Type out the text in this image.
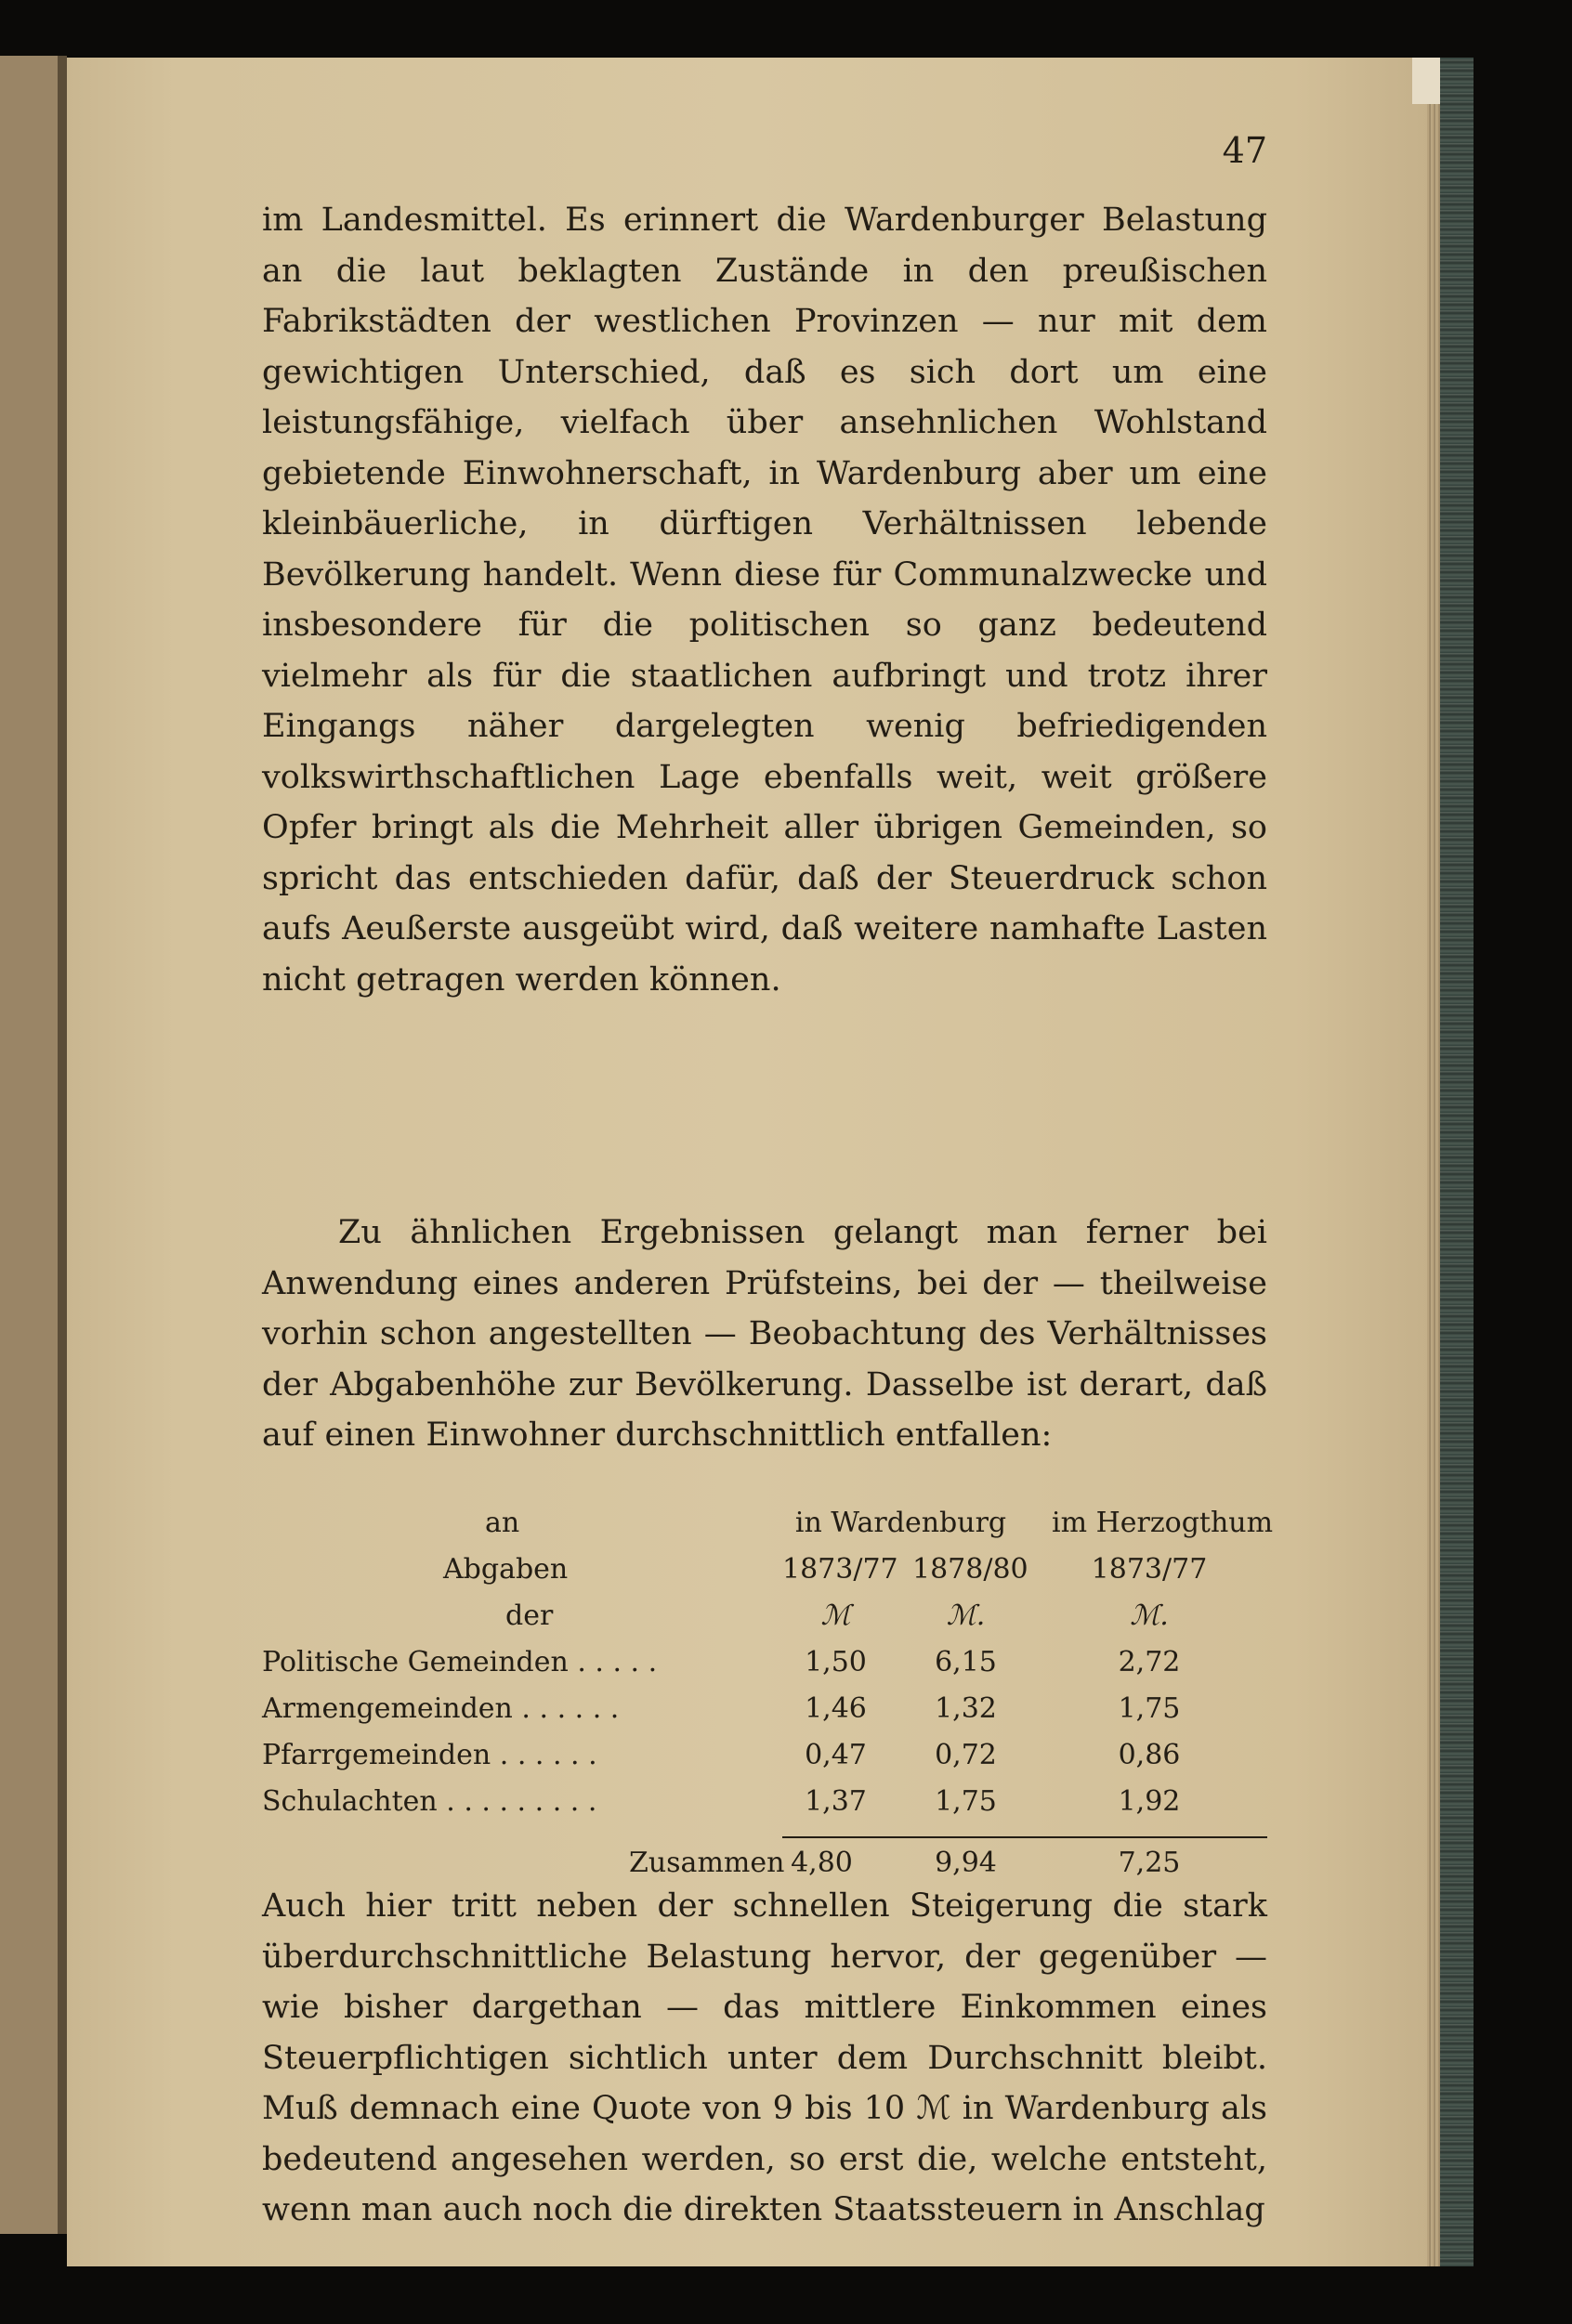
47

im Landesmittel. Es erinnert die Wardenburger Belastung an die laut beklagten Zustände in den preußischen Fabrikstädten der westlichen Provinzen — nur mit dem gewichtigen Unterschied, daß es sich dort um eine leistungsfähige, vielfach über ansehnlichen Wohlstand gebietende Einwohnerschaft, in Wardenburg aber um eine kleinbäuerliche, in dürftigen Verhältnissen lebende Bevölkerung handelt. Wenn diese für Communalzwecke und insbesondere für die politischen so ganz bedeutend vielmehr als für die staatlichen aufbringt und trotz ihrer Eingangs näher dargelegten wenig befriedigenden volkswirthschaftlichen Lage ebenfalls weit, weit größere Opfer bringt als die Mehrheit aller übrigen Gemeinden, so spricht das entschieden dafür, daß der Steuerdruck schon aufs Aeußerste ausgeübt wird, daß weitere namhafte Lasten nicht getragen werden können.

Zu ähnlichen Ergebnissen gelangt man ferner bei Anwendung eines anderen Prüfsteins, bei der — theilweise vorhin schon angestellten — Beobachtung des Verhältnisses der Abgabenhöhe zur Bevölkerung. Dasselbe ist derart, daß auf einen Einwohner durchschnittlich entfallen:

an	in Wardenburg	im Herzogthum
Abgaben	1873/77 1878/80 1873/77
der	ℳ	ℳ.	ℳ.
Politische Gemeinden . . . . .	1,50	6,15	2,72
Armengemeinden . . . . . .	1,46	1,32	1,75
Pfarrgemeinden . . . . . .	0,47	0,72	0,86
Schulachten . . . . . . . . .	1,37	1,75	1,92
Zusammen 4,80	9,94	7,25

Auch hier tritt neben der schnellen Steigerung die stark überdurchschnittliche Belastung hervor, der gegenüber — wie bisher dargethan — das mittlere Einkommen eines Steuerpflichtigen sichtlich unter dem Durchschnitt bleibt. Muß demnach eine Quote von 9 bis 10 ℳ in Wardenburg als bedeutend angesehen werden, so erst die, welche entsteht, wenn man auch noch die direkten Staatssteuern in Anschlag
